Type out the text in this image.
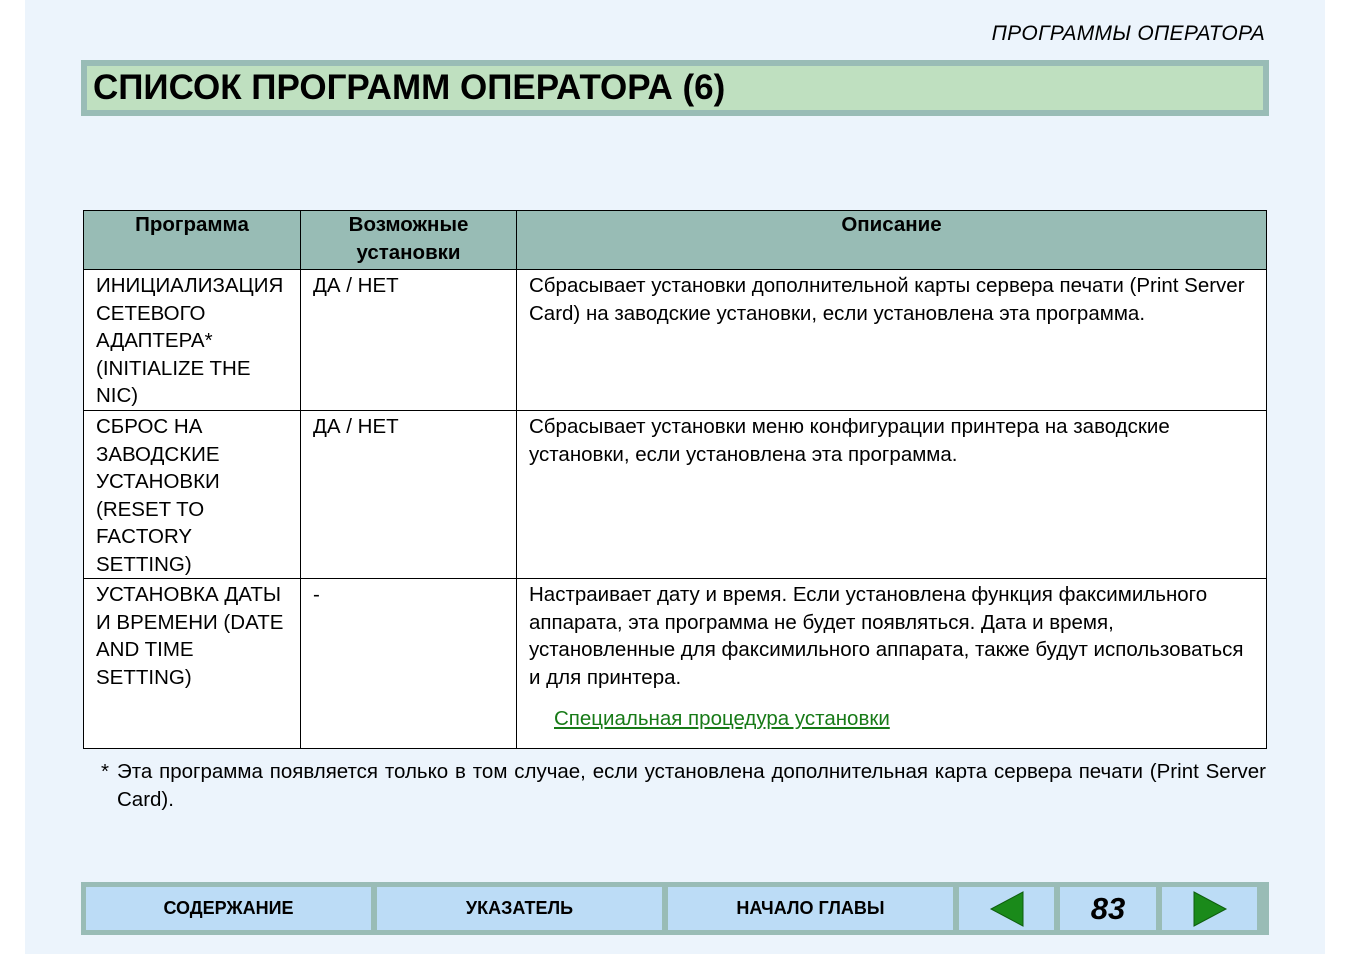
ПРОГРАММЫ ОПЕРАТОРА
СПИСОК ПРОГРАММ ОПЕРАТОРА (6)
Программа	Возможные установки	Описание
ИНИЦИАЛИЗАЦИЯ СЕТЕВОГО АДАПТЕРА* (INITIALIZE THE NIC)	ДА / НЕТ	Сбрасывает установки дополнительной карты сервера печати (Print Server Card) на заводские установки, если установлена эта программа.
СБРОС НА ЗАВОДСКИЕ УСТАНОВКИ (RESET TO FACTORY SETTING)	ДА / НЕТ	Сбрасывает установки меню конфигурации принтера на заводские установки, если установлена эта программа.
УСТАНОВКА ДАТЫ И ВРЕМЕНИ (DATE AND TIME SETTING)	-	Настраивает дату и время. Если установлена функция факсимильного аппарата, эта программа не будет появляться. Дата и время, установленные для факсимильного аппарата, также будут использоваться и для принтера.
Специальная процедура установки
* Эта программа появляется только в том случае, если установлена дополнительная карта сервера печати (Print Server Card).
СОДЕРЖАНИЕ	УКАЗАТЕЛЬ	НАЧАЛО ГЛАВЫ	83
